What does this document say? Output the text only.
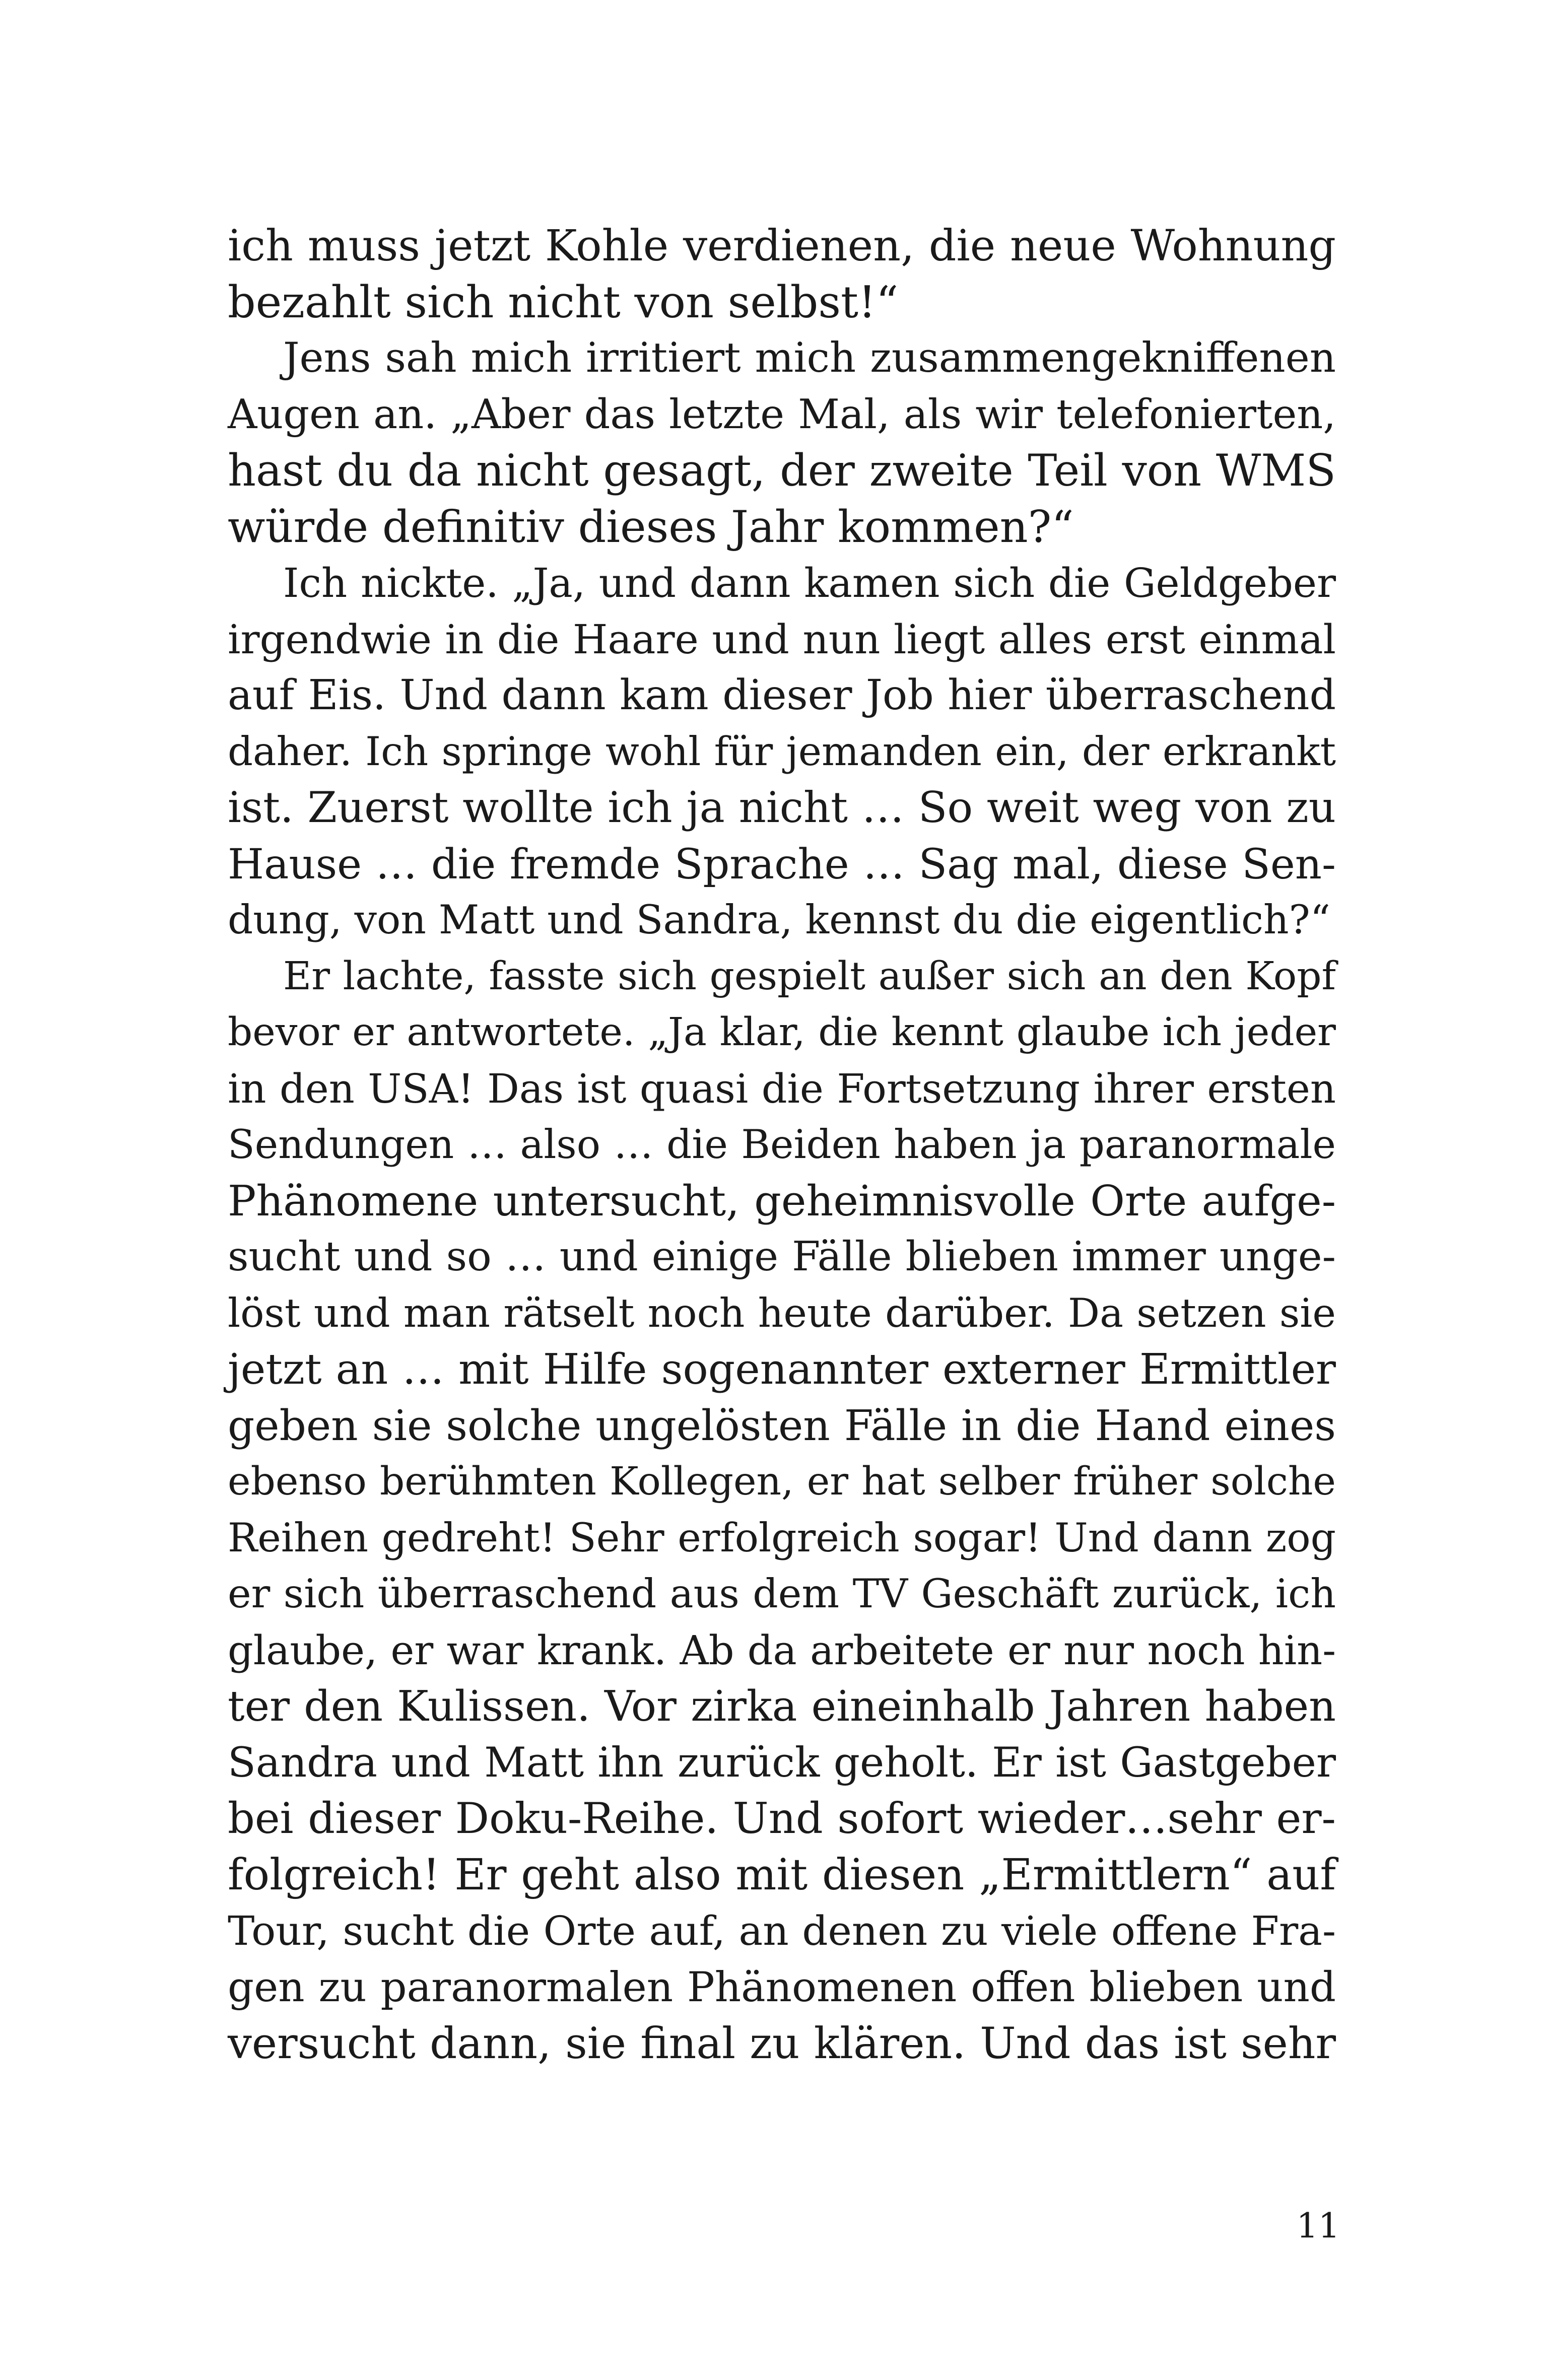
ich muss jetzt Kohle verdienen, die neue Wohnung
bezahlt sich nicht von selbst!“
Jens sah mich irritiert mich zusammengekniffenen
Augen an. „Aber das letzte Mal, als wir telefonierten,
hast du da nicht gesagt, der zweite Teil von WMS
würde definitiv dieses Jahr kommen?“
Ich nickte. „Ja, und dann kamen sich die Geldgeber
irgendwie in die Haare und nun liegt alles erst einmal
auf Eis. Und dann kam dieser Job hier überraschend
daher. Ich springe wohl für jemanden ein, der erkrankt
ist. Zuerst wollte ich ja nicht … So weit weg von zu
Hause … die fremde Sprache … Sag mal, diese Sen-
dung, von Matt und Sandra, kennst du die eigentlich?“
Er lachte, fasste sich gespielt außer sich an den Kopf
bevor er antwortete. „Ja klar, die kennt glaube ich jeder
in den USA! Das ist quasi die Fortsetzung ihrer ersten
Sendungen … also … die Beiden haben ja paranormale
Phänomene untersucht, geheimnisvolle Orte aufge-
sucht und so … und einige Fälle blieben immer unge-
löst und man rätselt noch heute darüber. Da setzen sie
jetzt an … mit Hilfe sogenannter externer Ermittler
geben sie solche ungelösten Fälle in die Hand eines
ebenso berühmten Kollegen, er hat selber früher solche
Reihen gedreht! Sehr erfolgreich sogar! Und dann zog
er sich überraschend aus dem TV Geschäft zurück, ich
glaube, er war krank. Ab da arbeitete er nur noch hin-
ter den Kulissen. Vor zirka eineinhalb Jahren haben
Sandra und Matt ihn zurück geholt. Er ist Gastgeber
bei dieser Doku-Reihe. Und sofort wieder…sehr er-
folgreich! Er geht also mit diesen „Ermittlern“ auf
Tour, sucht die Orte auf, an denen zu viele offene Fra-
gen zu paranormalen Phänomenen offen blieben und
versucht dann, sie final zu klären. Und das ist sehr
11
